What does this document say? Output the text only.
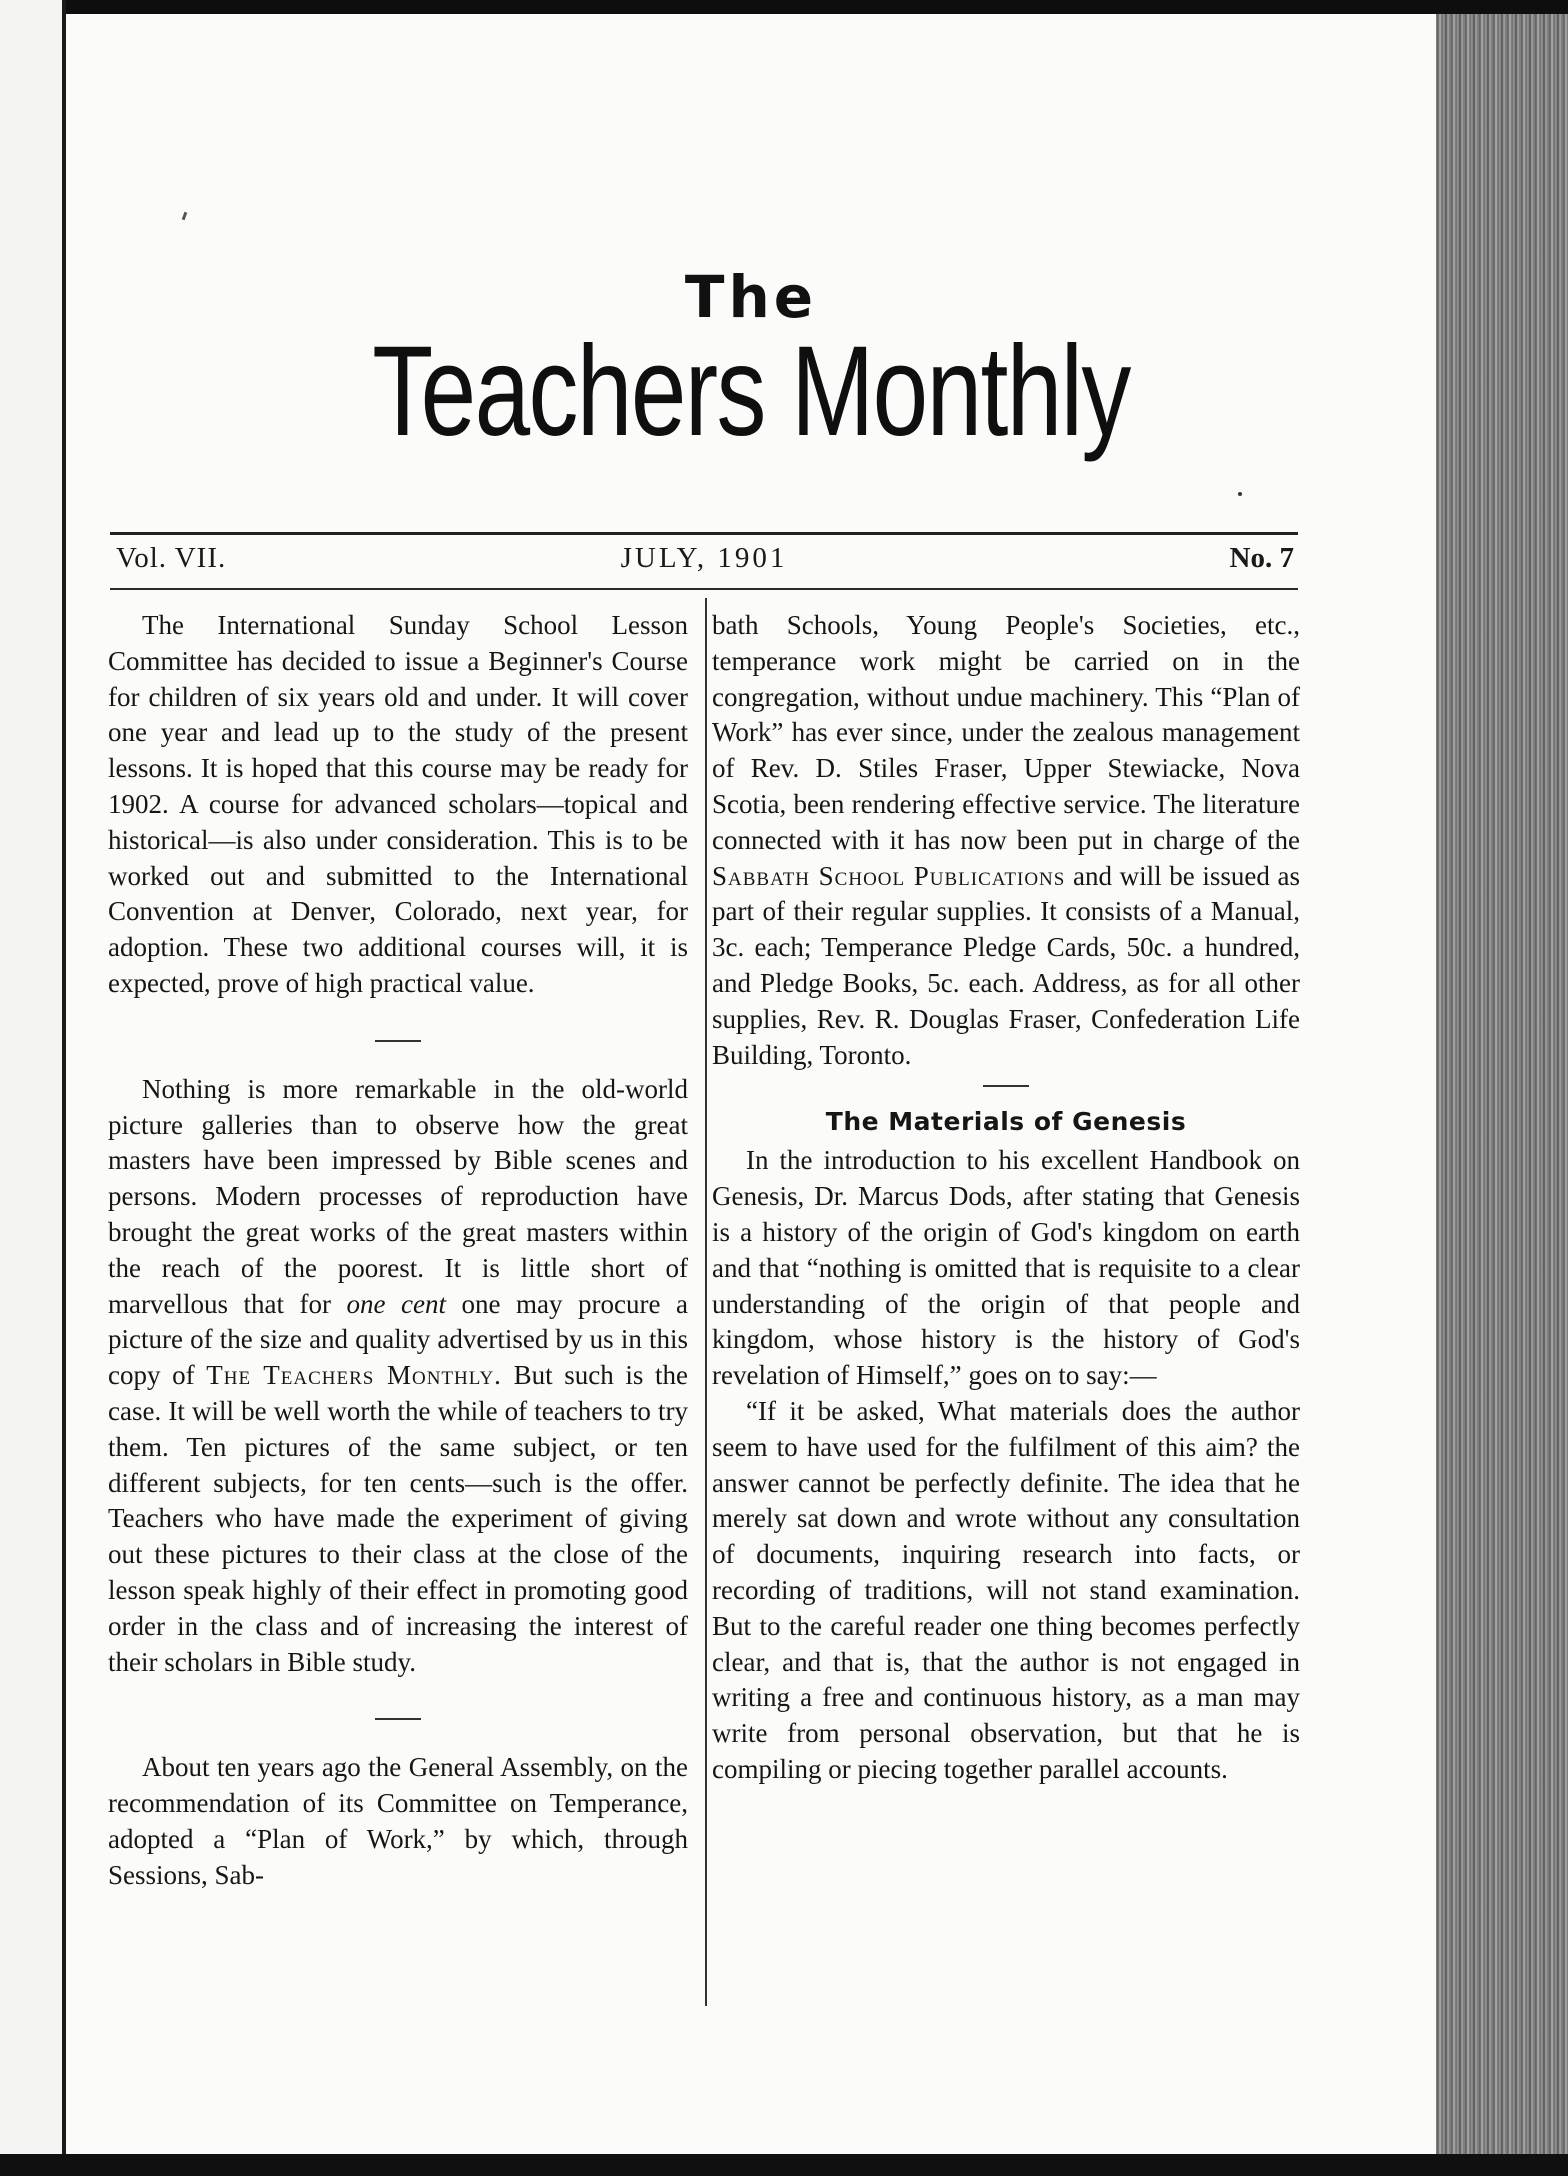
The
Teachers Monthly
JULY, 1901
Vol. VII.	No. 7

The International Sunday School Lesson Committee has decided to issue a Beginner's Course for children of six years old and under. It will cover one year and lead up to the study of the present lessons. It is hoped that this course may be ready for 1902. A course for advanced scholars—topical and historical—is also under consideration. This is to be worked out and submitted to the International Convention at Denver, Colorado, next year, for adoption. These two additional courses will, it is expected, prove of high practical value.

Nothing is more remarkable in the old-world picture galleries than to observe how the great masters have been impressed by Bible scenes and persons. Modern processes of reproduction have brought the great works of the great masters within the reach of the poorest. It is little short of marvellous that for one cent one may procure a picture of the size and quality advertised by us in this copy of The Teachers Monthly. But such is the case. It will be well worth the while of teachers to try them. Ten pictures of the same subject, or ten different subjects, for ten cents—such is the offer. Teachers who have made the experiment of giving out these pictures to their class at the close of the lesson speak highly of their effect in promoting good order in the class and of increasing the interest of their scholars in Bible study.

About ten years ago the General Assembly, on the recommendation of its Committee on Temperance, adopted a “Plan of Work,” by which, through Sessions, Sab-

bath Schools, Young People's Societies, etc., temperance work might be carried on in the congregation, without undue machinery. This “Plan of Work” has ever since, under the zealous management of Rev. D. Stiles Fraser, Upper Stewiacke, Nova Scotia, been rendering effective service. The literature connected with it has now been put in charge of the Sabbath School Publications and will be issued as part of their regular supplies. It consists of a Manual, 3c. each; Temperance Pledge Cards, 50c. a hundred, and Pledge Books, 5c. each. Address, as for all other supplies, Rev. R. Douglas Fraser, Confederation Life Building, Toronto.

The Materials of Genesis

In the introduction to his excellent Handbook on Genesis, Dr. Marcus Dods, after stating that Genesis is a history of the origin of God's kingdom on earth and that “nothing is omitted that is requisite to a clear understanding of the origin of that people and kingdom, whose history is the history of God's revelation of Himself,” goes on to say:—

“If it be asked, What materials does the author seem to have used for the fulfilment of this aim? the answer cannot be perfectly definite. The idea that he merely sat down and wrote without any consultation of documents, inquiring research into facts, or recording of traditions, will not stand examination. But to the careful reader one thing becomes perfectly clear, and that is, that the author is not engaged in writing a free and continuous history, as a man may write from personal observation, but that he is compiling or piecing together parallel accounts.
